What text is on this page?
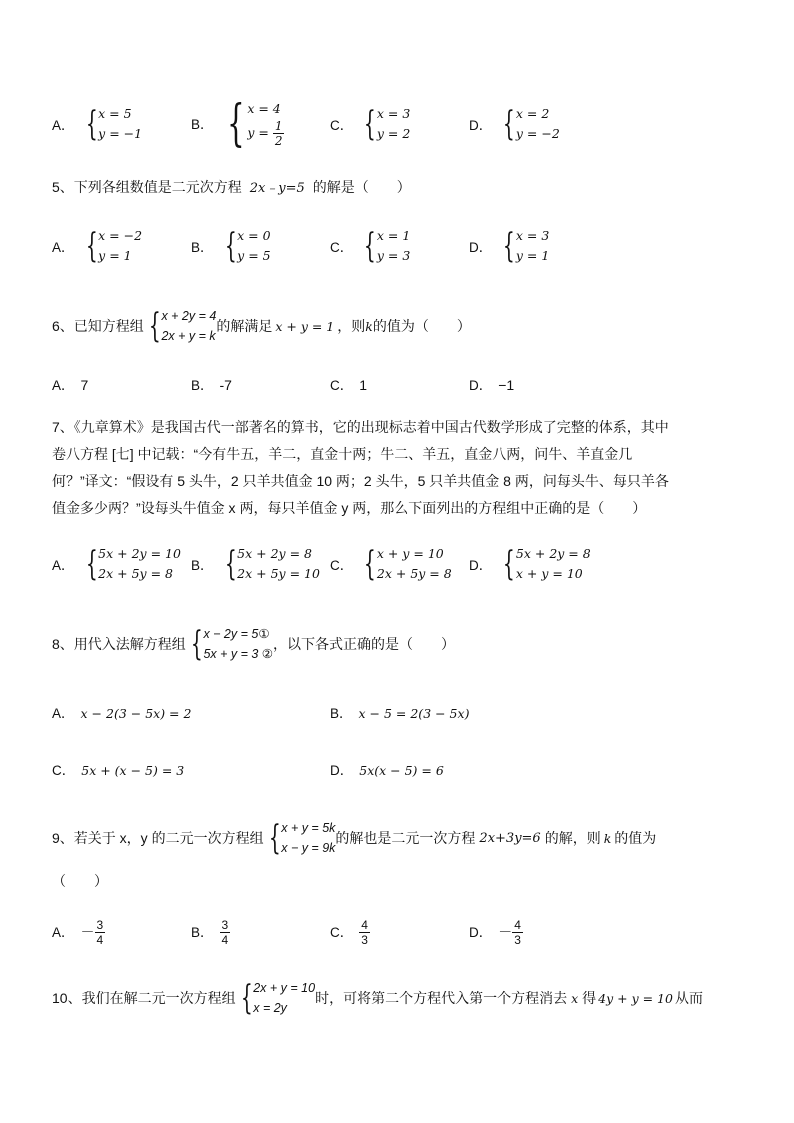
A． { x = 5
y = −1
B． { x = 4
$y = \frac{1}{2}$	C． { x = 3
y = 2
D． { x = 2
y = −2
5、下列各组数值是二元次方程 2x﹣y=5 的解是（　　）
A． { x = −2
y = 1
B． { x = 0
y = 5
C． { x = 1
y = 3
D． { x = 3
y = 1
6、已知方程组 { x + 2y = 4
2x + y = k
的解满足 x + y = 1 ，则 k 的值为（　　）
A． 7	B． -7	C． 1	D． −1
7、《九章算术》是我国古代一部著名的算书，它的出现标志着中国古代数学形成了完整的体系，其中
卷八方程 [七] 中记载：“今有牛五，羊二，直金十两；牛二、羊五，直金八两，问牛、羊直金几
何？”译文：“假设有 5 头牛，2 只羊共值金 10 两；2 头牛，5 只羊共值金 8 两，问每头牛、每只羊各
值金多少两？”设每头牛值金 x 两，每只羊值金 y 两，那么下面列出的方程组中正确的是（　　）
A． { 5x + 2y = 10
2x + 5y = 8
B． { 5x + 2y = 8
2x + 5y = 10
C． { x + y = 10
2x + 5y = 8
D． { 5x + 2y = 8
x + y = 10
8、用代入法解方程组 { x − 2y = 5①
5x + y = 3 ②
，以下各式正确的是（　　）
A． x − 2(3 − 5x) = 2	B． x − 5 = 2(3 − 5x)
C． 5x + (x − 5) = 3	D． 5x(x − 5) = 6
9、若关于 x，y 的二元一次方程组 { x + y = 5k
x − y = 9k
的解也是二元一次方程 2x+3y=6 的解，则 k 的值为
（　　）
A． － $\frac{3}{4}$	B． $\frac{3}{4}$	C． $\frac{4}{3}$	D． － $\frac{4}{3}$
10、我们在解二元一次方程组 { 2x + y = 10
x = 2y
时，可将第二个方程代入第一个方程消去 x 得 4y + y = 10 从而
